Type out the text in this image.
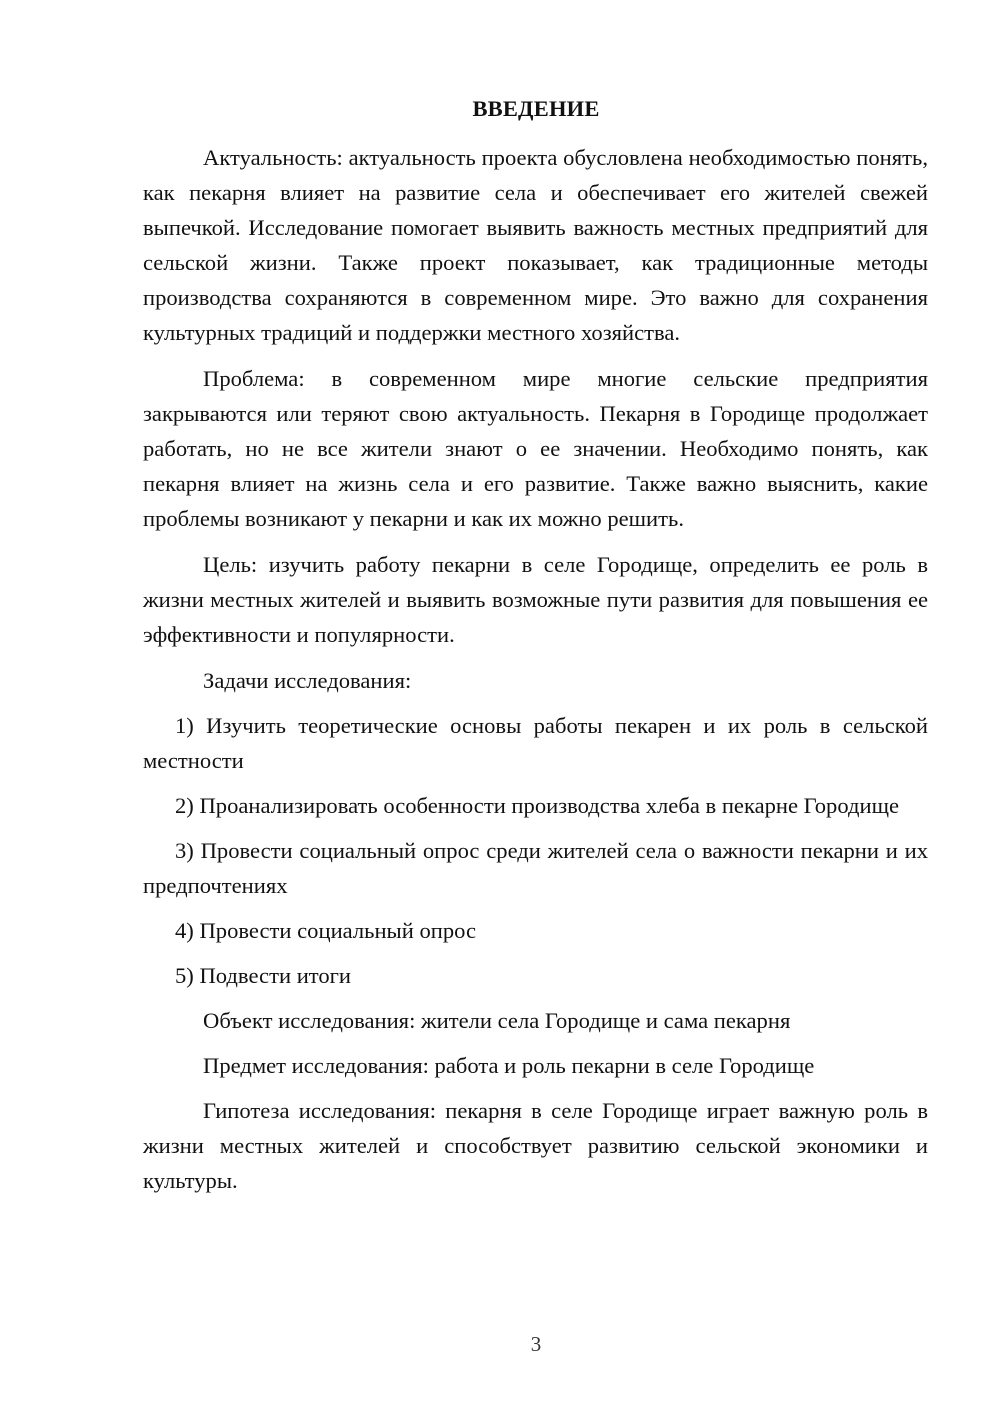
ВВЕДЕНИЕ

Актуальность: актуальность проекта обусловлена необходимостью понять, как пекарня влияет на развитие села и обеспечивает его жителей свежей выпечкой. Исследование помогает выявить важность местных предприятий для сельской жизни. Также проект показывает, как традиционные методы производства сохраняются в современном мире. Это важно для сохранения культурных традиций и поддержки местного хозяйства.

Проблема: в современном мире многие сельские предприятия закрываются или теряют свою актуальность. Пекарня в Городище продолжает работать, но не все жители знают о ее значении. Необходимо понять, как пекарня влияет на жизнь села и его развитие. Также важно выяснить, какие проблемы возникают у пекарни и как их можно решить.

Цель: изучить работу пекарни в селе Городище, определить ее роль в жизни местных жителей и выявить возможные пути развития для повышения ее эффективности и популярности.

Задачи исследования:

1) Изучить теоретические основы работы пекарен и их роль в сельской местности

2) Проанализировать особенности производства хлеба в пекарне Городище

3) Провести социальный опрос среди жителей села о важности пекарни и их предпочтениях

4) Провести социальный опрос

5) Подвести итоги

Объект исследования: жители села Городище и сама пекарня

Предмет исследования: работа и роль пекарни в селе Городище

Гипотеза исследования: пекарня в селе Городище играет важную роль в жизни местных жителей и способствует развитию сельской экономики и культуры.

3
